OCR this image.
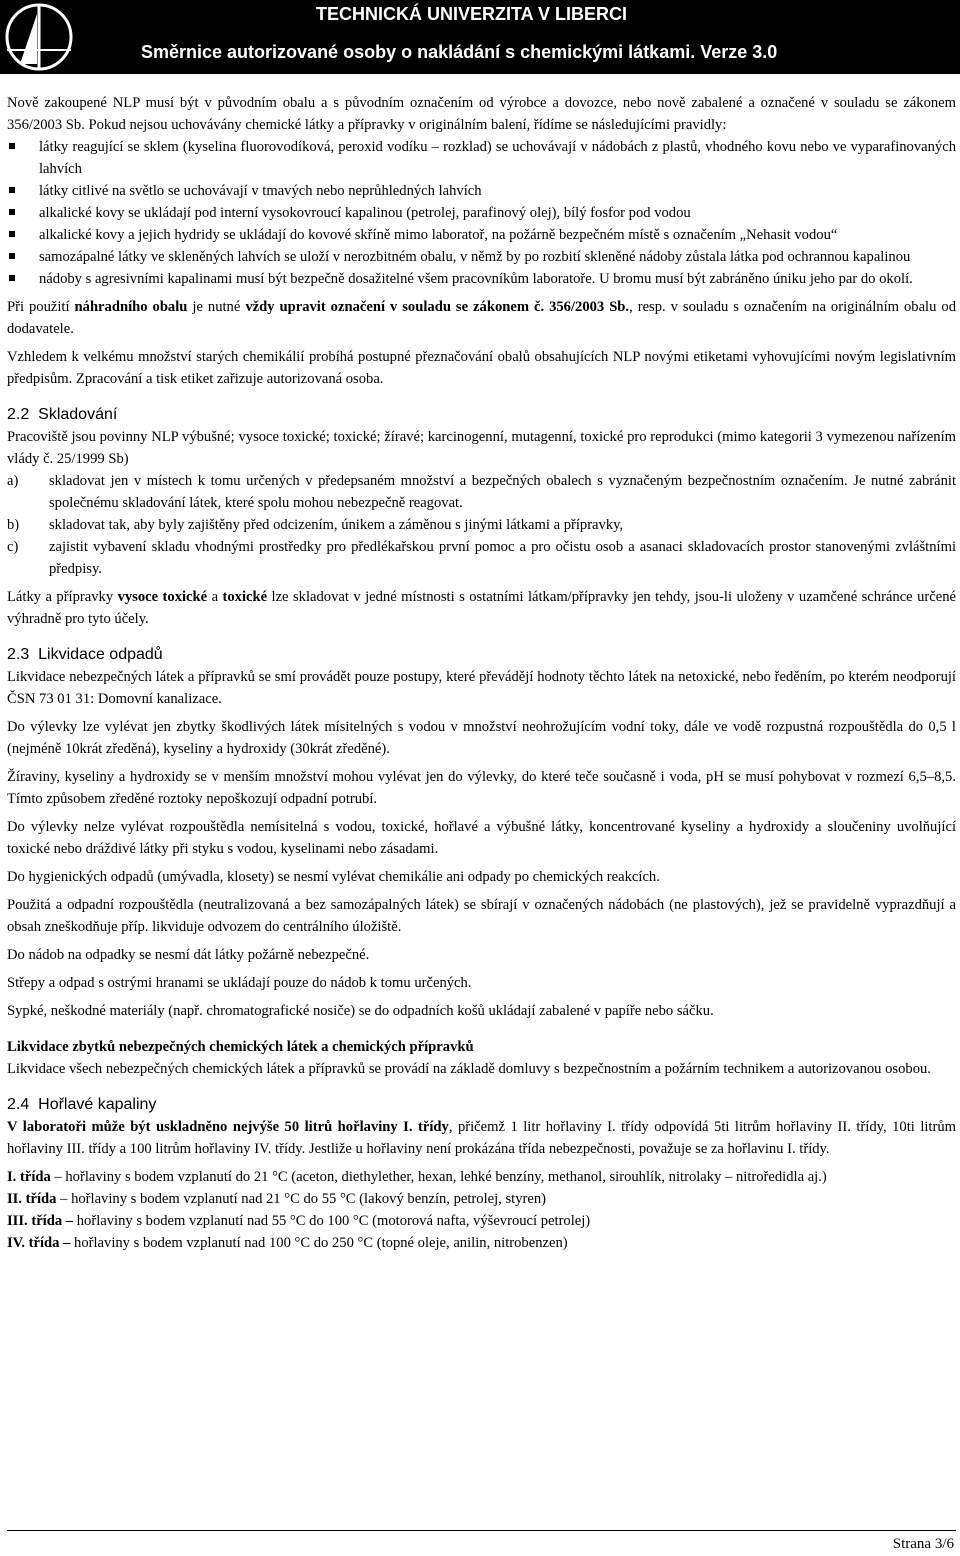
TECHNICKÁ UNIVERZITA V LIBERCI
Směrnice autorizované osoby o nakládání s chemickými látkami. Verze 3.0

Nově zakoupené NLP musí být v původním obalu a s původním označením od výrobce a dovozce, nebo nově zabalené a označené v souladu se zákonem 356/2003 Sb. Pokud nejsou uchovávány chemické látky a přípravky v originálním balení, řídíme se následujícími pravidly:

látky reagující se sklem (kyselina fluorovodíková, peroxid vodíku – rozklad) se uchovávají v nádobách z plastů, vhodného kovu nebo ve vyparafinovaných lahvích
látky citlivé na světlo se uchovávají v tmavých nebo neprůhledných lahvích
alkalické kovy se ukládají pod interní vysokovroucí kapalinou (petrolej, parafinový olej), bílý fosfor pod vodou
alkalické kovy a jejich hydridy se ukládají do kovové skříně mimo laboratoř, na požárně bezpečném místě s označením „Nehasit vodou“
samozápalné látky ve skleněných lahvích se uloží v nerozbitném obalu, v němž by po rozbití skleněné nádoby zůstala látka pod ochrannou kapalinou
nádoby s agresivními kapalinami musí být bezpečně dosažitelné všem pracovníkům laboratoře. U bromu musí být zabráněno úniku jeho par do okolí.

Při použití náhradního obalu je nutné vždy upravit označení v souladu se zákonem č. 356/2003 Sb., resp. v souladu s označením na originálním obalu od dodavatele.

Vzhledem k velkému množství starých chemikálií probíhá postupné přeznačování obalů obsahujících NLP novými etiketami vyhovujícími novým legislativním předpisům. Zpracování a tisk etiket zařizuje autorizovaná osoba.

2.2 Skladování

Pracoviště jsou povinny NLP výbušné; vysoce toxické; toxické; žíravé; karcinogenní, mutagenní, toxické pro reprodukci (mimo kategorii 3 vymezenou nařízením vlády č. 25/1999 Sb)

a) skladovat jen v místech k tomu určených v předepsaném množství a bezpečných obalech s vyznačeným bezpečnostním označením. Je nutné zabránit společnému skladování látek, které spolu mohou nebezpečně reagovat.
b) skladovat tak, aby byly zajištěny před odcizením, únikem a záměnou s jinými látkami a přípravky,
c) zajistit vybavení skladu vhodnými prostředky pro předlékařskou první pomoc a pro očistu osob a asanaci skladovacích prostor stanovenými zvláštními předpisy.

Látky a přípravky vysoce toxické a toxické lze skladovat v jedné místnosti s ostatními látkam/přípravky jen tehdy, jsou-li uloženy v uzamčené schránce určené výhradně pro tyto účely.

2.3 Likvidace odpadů

Likvidace nebezpečných látek a přípravků se smí provádět pouze postupy, které převádějí hodnoty těchto látek na netoxické, nebo ředěním, po kterém neodporují ČSN 73 01 31: Domovní kanalizace.

Do výlevky lze vylévat jen zbytky škodlivých látek mísitelných s vodou v množství neohrožujícím vodní toky, dále ve vodě rozpustná rozpouštědla do 0,5 l (nejméně 10krát zředěná), kyseliny a hydroxidy (30krát zředěné).

Žíraviny, kyseliny a hydroxidy se v menším množství mohou vylévat jen do výlevky, do které teče současně i voda, pH se musí pohybovat v rozmezí 6,5–8,5. Tímto způsobem zředěné roztoky nepoškozují odpadní potrubí.

Do výlevky nelze vylévat rozpouštědla nemísitelná s vodou, toxické, hořlavé a výbušné látky, koncentrované kyseliny a hydroxidy a sloučeniny uvolňující toxické nebo dráždivé látky při styku s vodou, kyselinami nebo zásadami.

Do hygienických odpadů (umývadla, klosety) se nesmí vylévat chemikálie ani odpady po chemických reakcích.

Použitá a odpadní rozpouštědla (neutralizovaná a bez samozápalných látek) se sbírají v označených nádobách (ne plastových), jež se pravidelně vyprazdňují a obsah zneškodňuje příp. likviduje odvozem do centrálního úložiště.

Do nádob na odpadky se nesmí dát látky požárně nebezpečné.

Střepy a odpad s ostrými hranami se ukládají pouze do nádob k tomu určených.

Sypké, neškodné materiály (např. chromatografické nosiče) se do odpadních košů ukládají zabalené v papíře nebo sáčku.

Likvidace zbytků nebezpečných chemických látek a chemických přípravků

Likvidace všech nebezpečných chemických látek a přípravků se provádí na základě domluvy s bezpečnostním a požárním technikem a autorizovanou osobou.

2.4 Hořlavé kapaliny

V laboratoři může být uskladněno nejvýše 50 litrů hořlaviny I. třídy, přičemž 1 litr hořlaviny I. třídy odpovídá 5ti litrům hořlaviny II. třídy, 10ti litrům hořlaviny III. třídy a 100 litrům hořlaviny IV. třídy. Jestliže u hořlaviny není prokázána třída nebezpečnosti, považuje se za hořlavinu I. třídy.

I. třída – hořlaviny s bodem vzplanutí do 21 °C (aceton, diethylether, hexan, lehké benzíny, methanol, sirouhlík, nitrolaky – nitroředidla aj.)

II. třída – hořlaviny s bodem vzplanutí nad 21 °C do 55 °C (lakový benzín, petrolej, styren)

III. třída – hořlaviny s bodem vzplanutí nad 55 °C do 100 °C (motorová nafta, výševroucí petrolej)

IV. třída – hořlaviny s bodem vzplanutí nad 100 °C do 250 °C (topné oleje, anilin, nitrobenzen)

Strana 3/6
